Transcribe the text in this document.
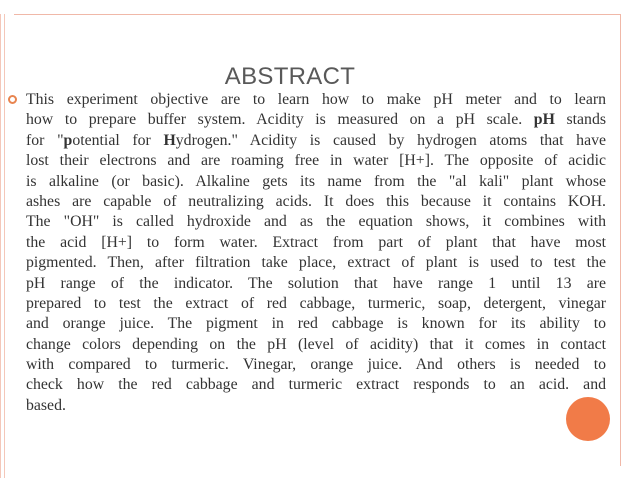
ABSTRACT
This experiment objective are to learn how to make pH meter and to learn
how to prepare buffer system. Acidity is measured on a pH scale. pH stands
for "potential for Hydrogen." Acidity is caused by hydrogen atoms that have
lost their electrons and are roaming free in water [H+]. The opposite of acidic
is alkaline (or basic). Alkaline gets its name from the "al kali" plant whose
ashes are capable of neutralizing acids. It does this because it contains KOH.
The "OH" is called hydroxide and as the equation shows, it combines with
the acid [H+] to form water. Extract from part of plant that have most
pigmented. Then, after filtration take place, extract of plant is used to test the
pH range of the indicator. The solution that have range 1 until 13 are
prepared to test the extract of red cabbage, turmeric, soap, detergent, vinegar
and orange juice. The pigment in red cabbage is known for its ability to
change colors depending on the pH (level of acidity) that it comes in contact
with compared to turmeric. Vinegar, orange juice. And others is needed to
check how the red cabbage and turmeric extract responds to an acid. and
based.
